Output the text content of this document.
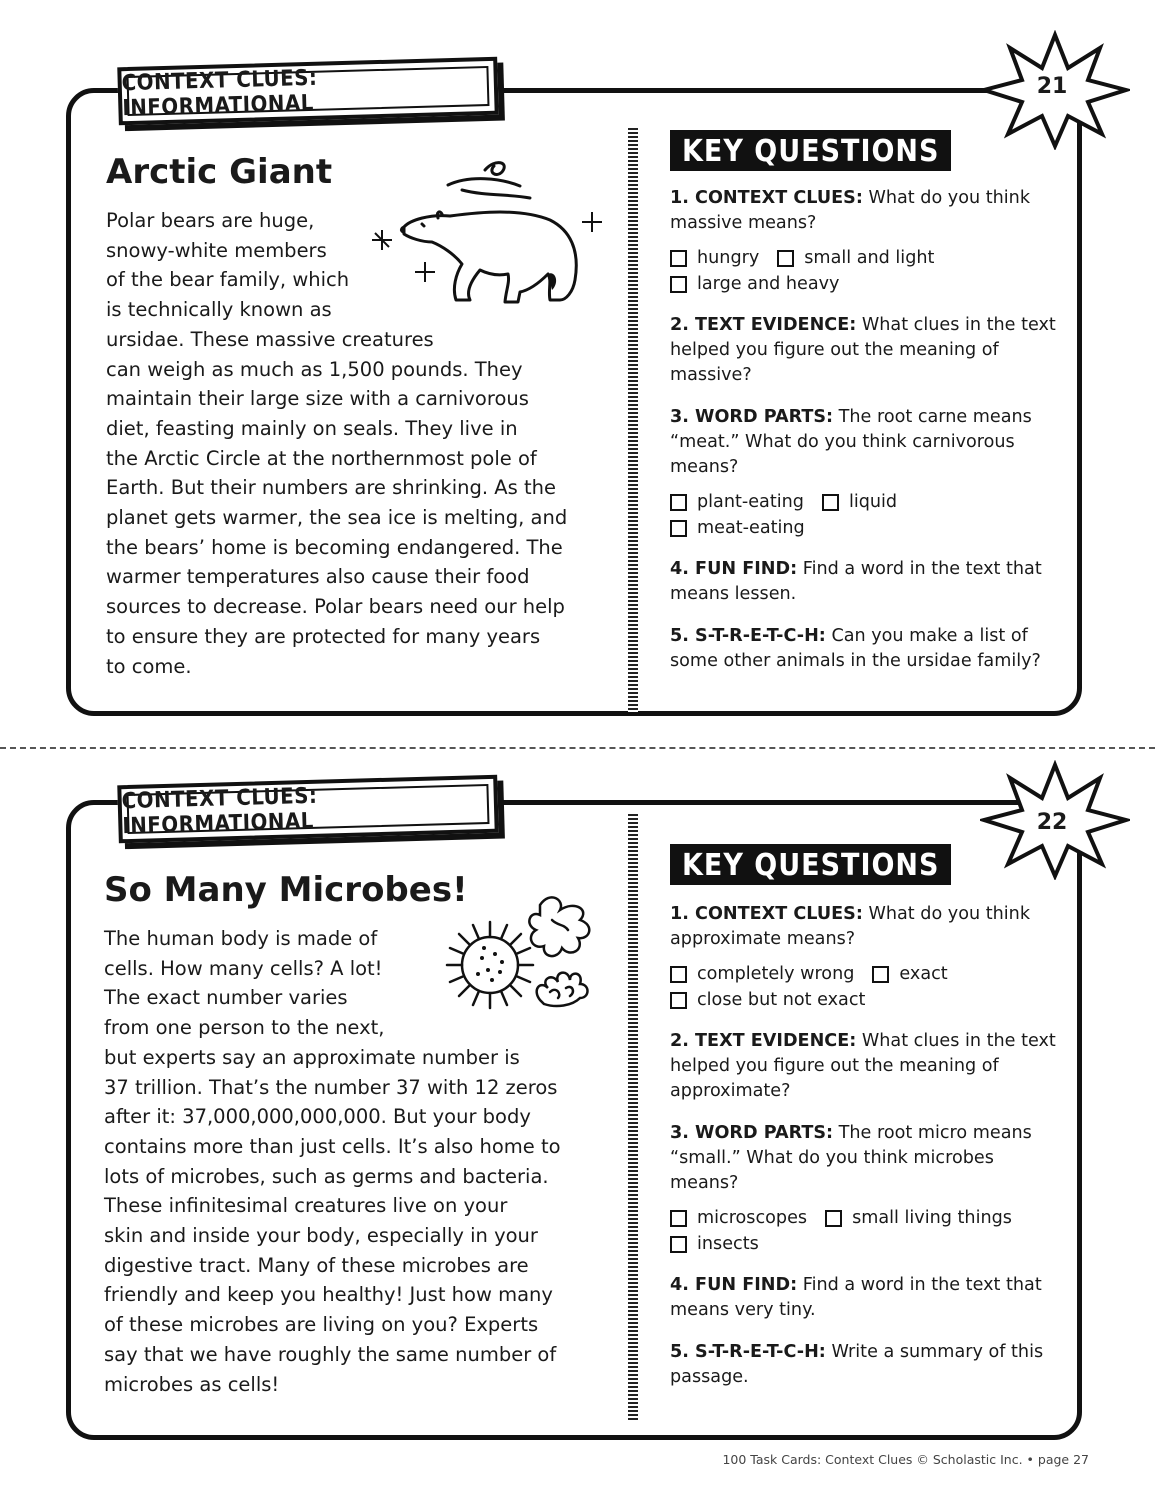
CONTEXT CLUES: INFORMATIONAL
21
Arctic Giant

Polar bears are huge,

snowy-white members

of the bear family, which

is technically known as

ursidae. These massive creatures

can weigh as much as 1,500 pounds. They

maintain their large size with a carnivorous

diet, feasting mainly on seals. They live in

the Arctic Circle at the northernmost pole of

Earth. But their numbers are shrinking. As the

planet gets warmer, the sea ice is melting, and

the bears’ home is becoming endangered. The

warmer temperatures also cause their food

sources to decrease. Polar bears need our help

to ensure they are protected for many years

to come.

KEY QUESTIONS

1. CONTEXT CLUES: What do you think massive means?

hungry	small and light
large and heavy

2. TEXT EVIDENCE: What clues in the text helped you figure out the meaning of massive?

3. WORD PARTS: The root carne means “meat.” What do you think carnivorous means?

plant-eating	liquid
meat-eating

4. FUN FIND: Find a word in the text that means lessen.

5. S-T-R-E-T-C-H: Can you make a list of some other animals in the ursidae family?

CONTEXT CLUES: INFORMATIONAL	22
So Many Microbes!

The human body is made of

cells. How many cells? A lot!

The exact number varies

from one person to the next,

but experts say an approximate number is

37 trillion. That’s the number 37 with 12 zeros

after it: 37,000,000,000,000. But your body

contains more than just cells. It’s also home to

lots of microbes, such as germs and bacteria.

These infinitesimal creatures live on your

skin and inside your body, especially in your

digestive tract. Many of these microbes are

friendly and keep you healthy! Just how many

of these microbes are living on you? Experts

say that we have roughly the same number of

microbes as cells!

KEY QUESTIONS

1. CONTEXT CLUES: What do you think approximate means?

completely wrong	exact
close but not exact

2. TEXT EVIDENCE: What clues in the text helped you figure out the meaning of approximate?

3. WORD PARTS: The root micro means “small.” What do you think microbes means?

microscopes	small living things
insects

4. FUN FIND: Find a word in the text that means very tiny.

5. S-T-R-E-T-C-H: Write a summary of this passage.

100 Task Cards: Context Clues © Scholastic Inc. • page 27
